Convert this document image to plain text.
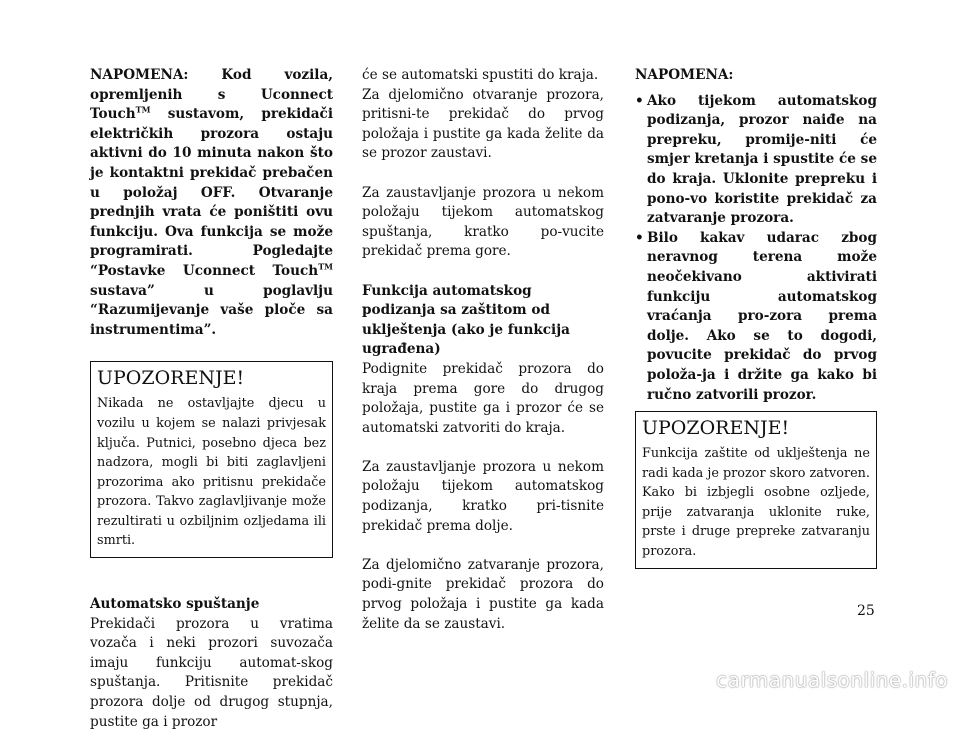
NAPOMENA: Kod vozila, opremljenih s Uconnect Touch™ sustavom, prekidači električkih prozora ostaju aktivni do 10 minuta nakon što je kontaktni prekidač prebačen u položaj OFF. Otvaranje prednjih vrata će poništiti ovu funkciju. Ova funkcija se može programirati. Pogledajte “Postavke Uconnect Touch™ sustava” u poglavlju “Razumijevanje vaše ploče sa instrumentima”.

UPOZORENJE!
Nikada ne ostavljajte djecu u vozilu u kojem se nalazi privjesak ključa. Putnici, posebno djeca bez nadzora, mogli bi biti zaglavljeni prozorima ako pritisnu prekidače prozora. Takvo zaglavljivanje može rezultirati u ozbiljnim ozljedama ili smrti.

Automatsko spuštanje

Prekidači prozora u vratima vozača i neki prozori suvozača imaju funkciju automat-skog spuštanja. Pritisnite prekidač prozora dolje od drugog stupnja, pustite ga i prozor

će se automatski spustiti do kraja.

Za djelomično otvaranje prozora, pritisni-te prekidač do prvog položaja i pustite ga kada želite da se prozor zaustavi.

Za zaustavljanje prozora u nekom položaju tijekom automatskog spuštanja, kratko po-vucite prekidač prema gore.

Funkcija automatskog podizanja sa zaštitom od uklještenja (ako je funkcija ugrađena)

Podignite prekidač prozora do kraja prema gore do drugog položaja, pustite ga i prozor će se automatski zatvoriti do kraja.

Za zaustavljanje prozora u nekom položaju tijekom automatskog podizanja, kratko pri-tisnite prekidač prema dolje.

Za djelomično zatvaranje prozora, podi-gnite prekidač prozora do prvog položaja i pustite ga kada želite da se zaustavi.

NAPOMENA:

• Ako tijekom automatskog podizanja, prozor naiđe na prepreku, promije-niti će smjer kretanja i spustite će se do kraja. Uklonite prepreku i pono-vo koristite prekidač za zatvaranje prozora.
• Bilo kakav udarac zbog neravnog terena može neočekivano aktivirati funkciju automatskog vraćanja pro-zora prema dolje. Ako se to dogodi, povucite prekidač do prvog položa-ja i držite ga kako bi ručno zatvorili prozor.
UPOZORENJE!
Funkcija zaštite od uklještenja ne radi kada je prozor skoro zatvoren. Kako bi izbjegli osobne ozljede, prije zatvaranja uklonite ruke, prste i druge prepreke zatvaranju prozora.
25
carmanualsonline.info
